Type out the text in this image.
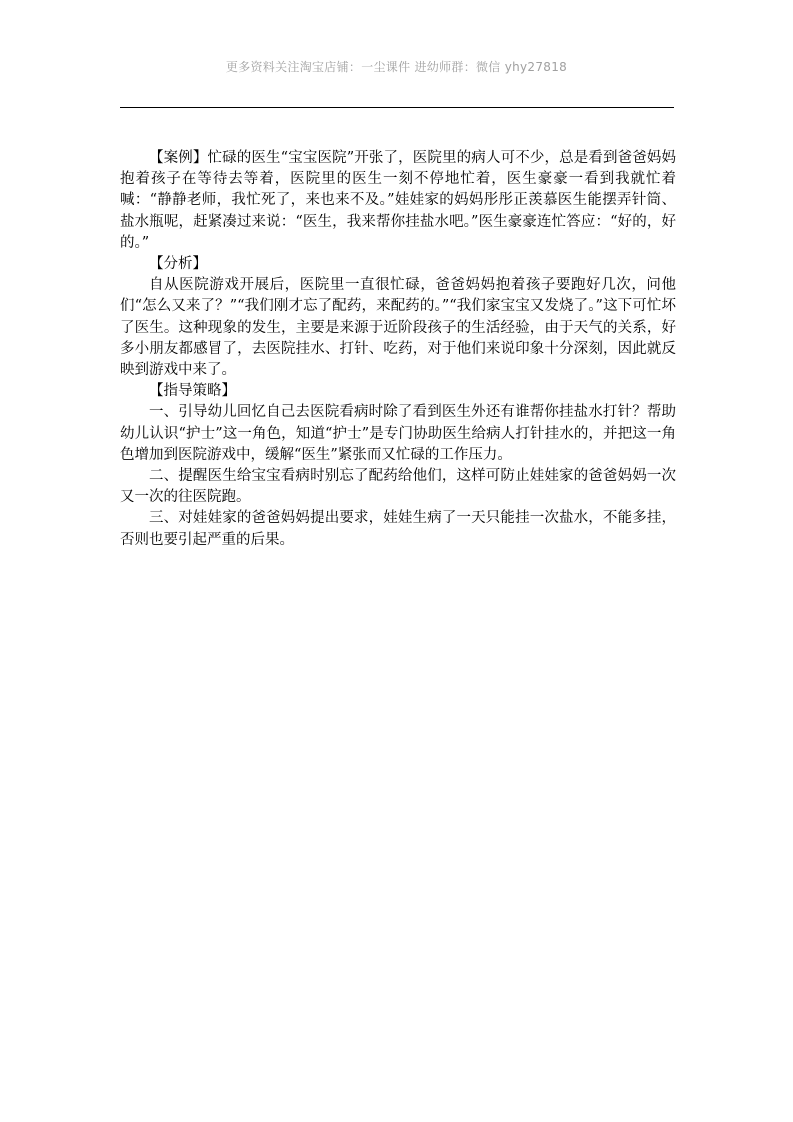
更多资料关注淘宝店铺：一尘课件 进幼师群：微信 yhy27818

【案例】忙碌的医生“宝宝医院”开张了，医院里的病人可不少，总是看到爸爸妈妈抱着孩子在等待去等着，医院里的医生一刻不停地忙着，医生豪豪一看到我就忙着喊：“静静老师，我忙死了，来也来不及。”娃娃家的妈妈彤彤正羡慕医生能摆弄针筒、盐水瓶呢，赶紧凑过来说：“医生，我来帮你挂盐水吧。”医生豪豪连忙答应：“好的，好的。”

【分析】

自从医院游戏开展后，医院里一直很忙碌，爸爸妈妈抱着孩子要跑好几次，问他们“怎么又来了？”“我们刚才忘了配药，来配药的。”“我们家宝宝又发烧了。”这下可忙坏了医生。这种现象的发生，主要是来源于近阶段孩子的生活经验，由于天气的关系，好多小朋友都感冒了，去医院挂水、打针、吃药，对于他们来说印象十分深刻，因此就反映到游戏中来了。

【指导策略】

一、引导幼儿回忆自己去医院看病时除了看到医生外还有谁帮你挂盐水打针？帮助幼儿认识“护士”这一角色，知道“护士”是专门协助医生给病人打针挂水的，并把这一角色增加到医院游戏中，缓解“医生”紧张而又忙碌的工作压力。

二、提醒医生给宝宝看病时别忘了配药给他们，这样可防止娃娃家的爸爸妈妈一次又一次的往医院跑。

三、对娃娃家的爸爸妈妈提出要求，娃娃生病了一天只能挂一次盐水，不能多挂，否则也要引起严重的后果。
